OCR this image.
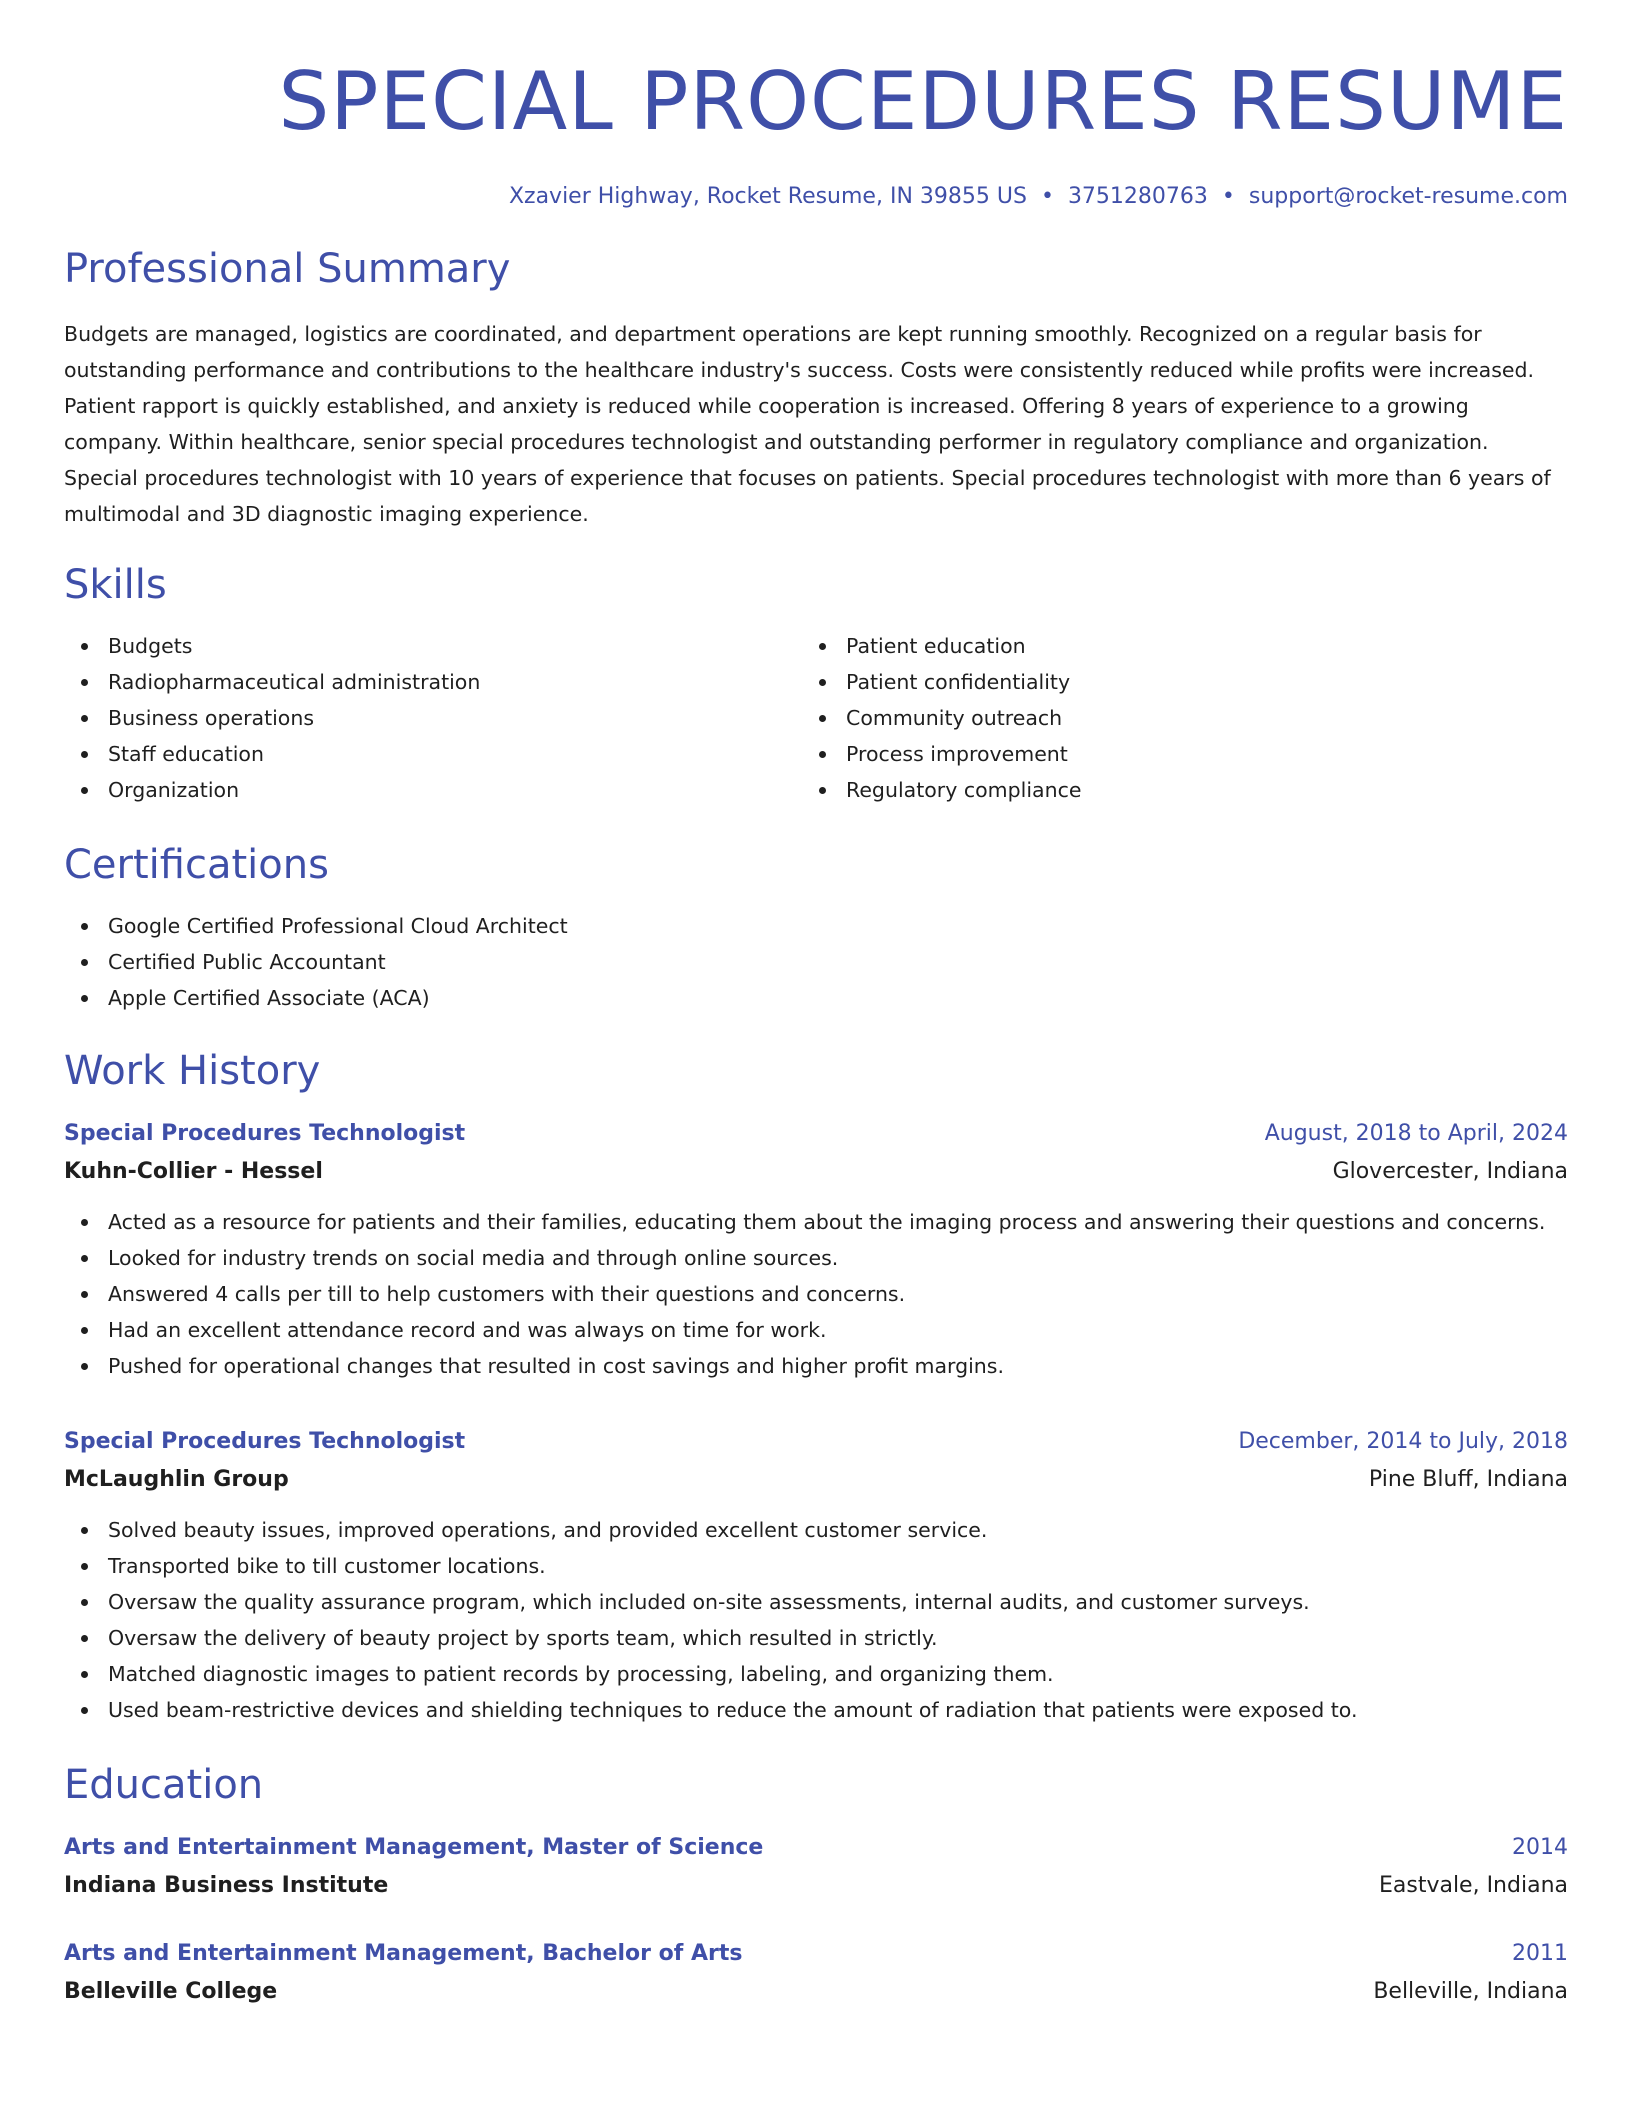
SPECIAL PROCEDURES RESUME
Xzavier Highway, Rocket Resume, IN 39855 US • 3751280763 • support@rocket-resume.com
Professional Summary

Budgets are managed, logistics are coordinated, and department operations are kept running smoothly. Recognized on a regular basis for outstanding performance and contributions to the healthcare industry's success. Costs were consistently reduced while profits were increased. Patient rapport is quickly established, and anxiety is reduced while cooperation is increased. Offering 8 years of experience to a growing company. Within healthcare, senior special procedures technologist and outstanding performer in regulatory compliance and organization. Special procedures technologist with 10 years of experience that focuses on patients. Special procedures technologist with more than 6 years of multimodal and 3D diagnostic imaging experience.

Skills
Budgets
Radiopharmaceutical administration
Business operations
Staff education
Organization
Patient education
Patient confidentiality
Community outreach
Process improvement
Regulatory compliance
Certifications
Google Certified Professional Cloud Architect
Certified Public Accountant
Apple Certified Associate (ACA)
Work History
Special Procedures Technologist	August, 2018 to April, 2024
Kuhn-Collier - Hessel	Glovercester, Indiana
Acted as a resource for patients and their families, educating them about the imaging process and answering their questions and concerns.
Looked for industry trends on social media and through online sources.
Answered 4 calls per till to help customers with their questions and concerns.
Had an excellent attendance record and was always on time for work.
Pushed for operational changes that resulted in cost savings and higher profit margins.
Special Procedures Technologist	December, 2014 to July, 2018
McLaughlin Group	Pine Bluff, Indiana
Solved beauty issues, improved operations, and provided excellent customer service.
Transported bike to till customer locations.
Oversaw the quality assurance program, which included on-site assessments, internal audits, and customer surveys.
Oversaw the delivery of beauty project by sports team, which resulted in strictly.
Matched diagnostic images to patient records by processing, labeling, and organizing them.
Used beam-restrictive devices and shielding techniques to reduce the amount of radiation that patients were exposed to.
Education
Arts and Entertainment Management, Master of Science	2014
Indiana Business Institute	Eastvale, Indiana
Arts and Entertainment Management, Bachelor of Arts	2011
Belleville College	Belleville, Indiana
